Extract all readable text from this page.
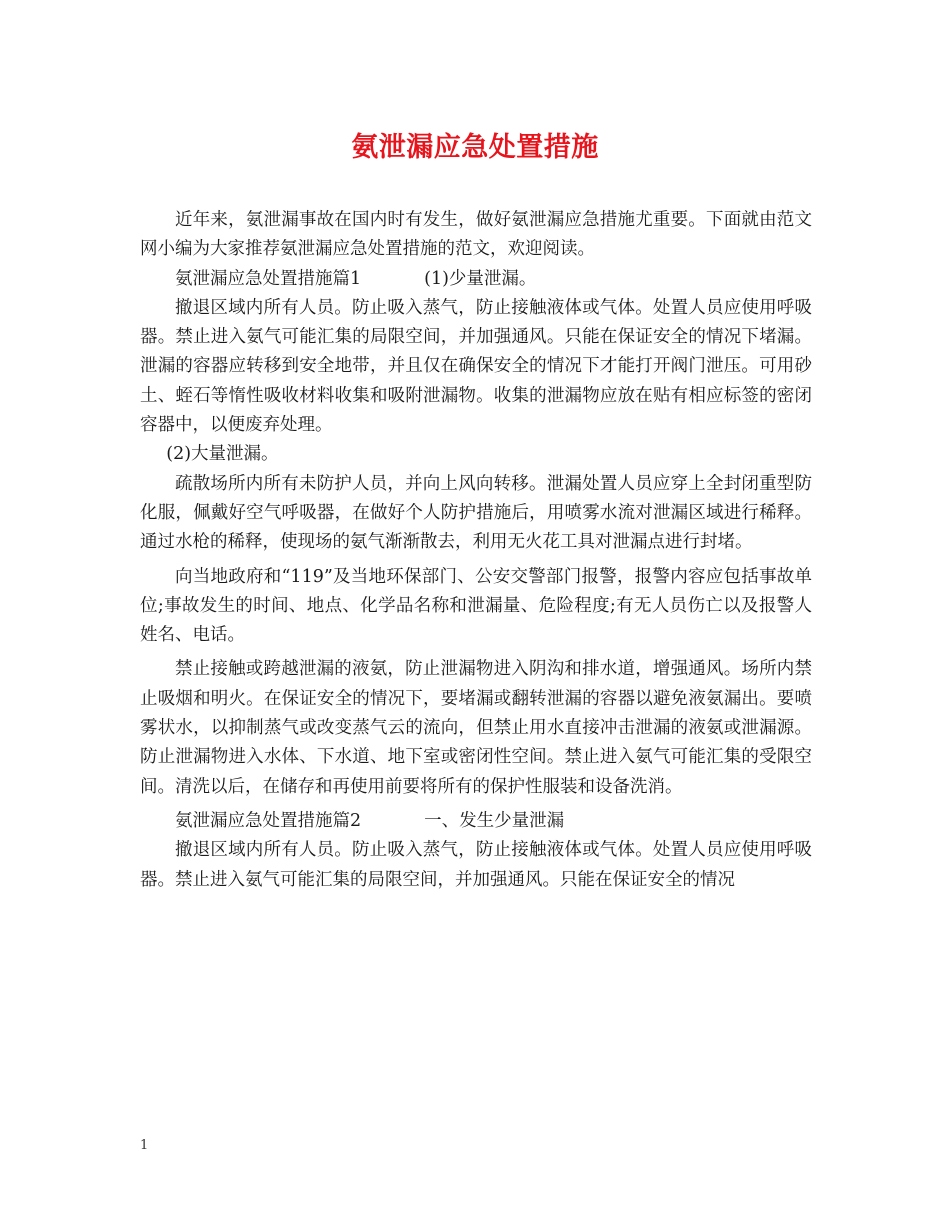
氨泄漏应急处置措施

近年来，氨泄漏事故在国内时有发生，做好氨泄漏应急措施尤重要。下面就由范文网小编为大家推荐氨泄漏应急处置措施的范文，欢迎阅读。

氨泄漏应急处置措施篇1	(1)少量泄漏。

撤退区域内所有人员。防止吸入蒸气，防止接触液体或气体。处置人员应使用呼吸器。禁止进入氨气可能汇集的局限空间，并加强通风。只能在保证安全的情况下堵漏。泄漏的容器应转移到安全地带，并且仅在确保安全的情况下才能打开阀门泄压。可用砂土、蛭石等惰性吸收材料收集和吸附泄漏物。收集的泄漏物应放在贴有相应标签的密闭容器中，以便废弃处理。

(2)大量泄漏。

疏散场所内所有未防护人员，并向上风向转移。泄漏处置人员应穿上全封闭重型防化服，佩戴好空气呼吸器，在做好个人防护措施后，用喷雾水流对泄漏区域进行稀释。通过水枪的稀释，使现场的氨气渐渐散去，利用无火花工具对泄漏点进行封堵。

向当地政府和“119”及当地环保部门、公安交警部门报警，报警内容应包括事故单位;事故发生的时间、地点、化学品名称和泄漏量、危险程度;有无人员伤亡以及报警人姓名、电话。

禁止接触或跨越泄漏的液氨，防止泄漏物进入阴沟和排水道，增强通风。场所内禁止吸烟和明火。在保证安全的情况下，要堵漏或翻转泄漏的容器以避免液氨漏出。要喷雾状水，以抑制蒸气或改变蒸气云的流向，但禁止用水直接冲击泄漏的液氨或泄漏源。防止泄漏物进入水体、下水道、地下室或密闭性空间。禁止进入氨气可能汇集的受限空间。清洗以后，在储存和再使用前要将所有的保护性服装和设备洗消。

氨泄漏应急处置措施篇2	一、发生少量泄漏

撤退区域内所有人员。防止吸入蒸气，防止接触液体或气体。处置人员应使用呼吸器。禁止进入氨气可能汇集的局限空间，并加强通风。只能在保证安全的情况

1
